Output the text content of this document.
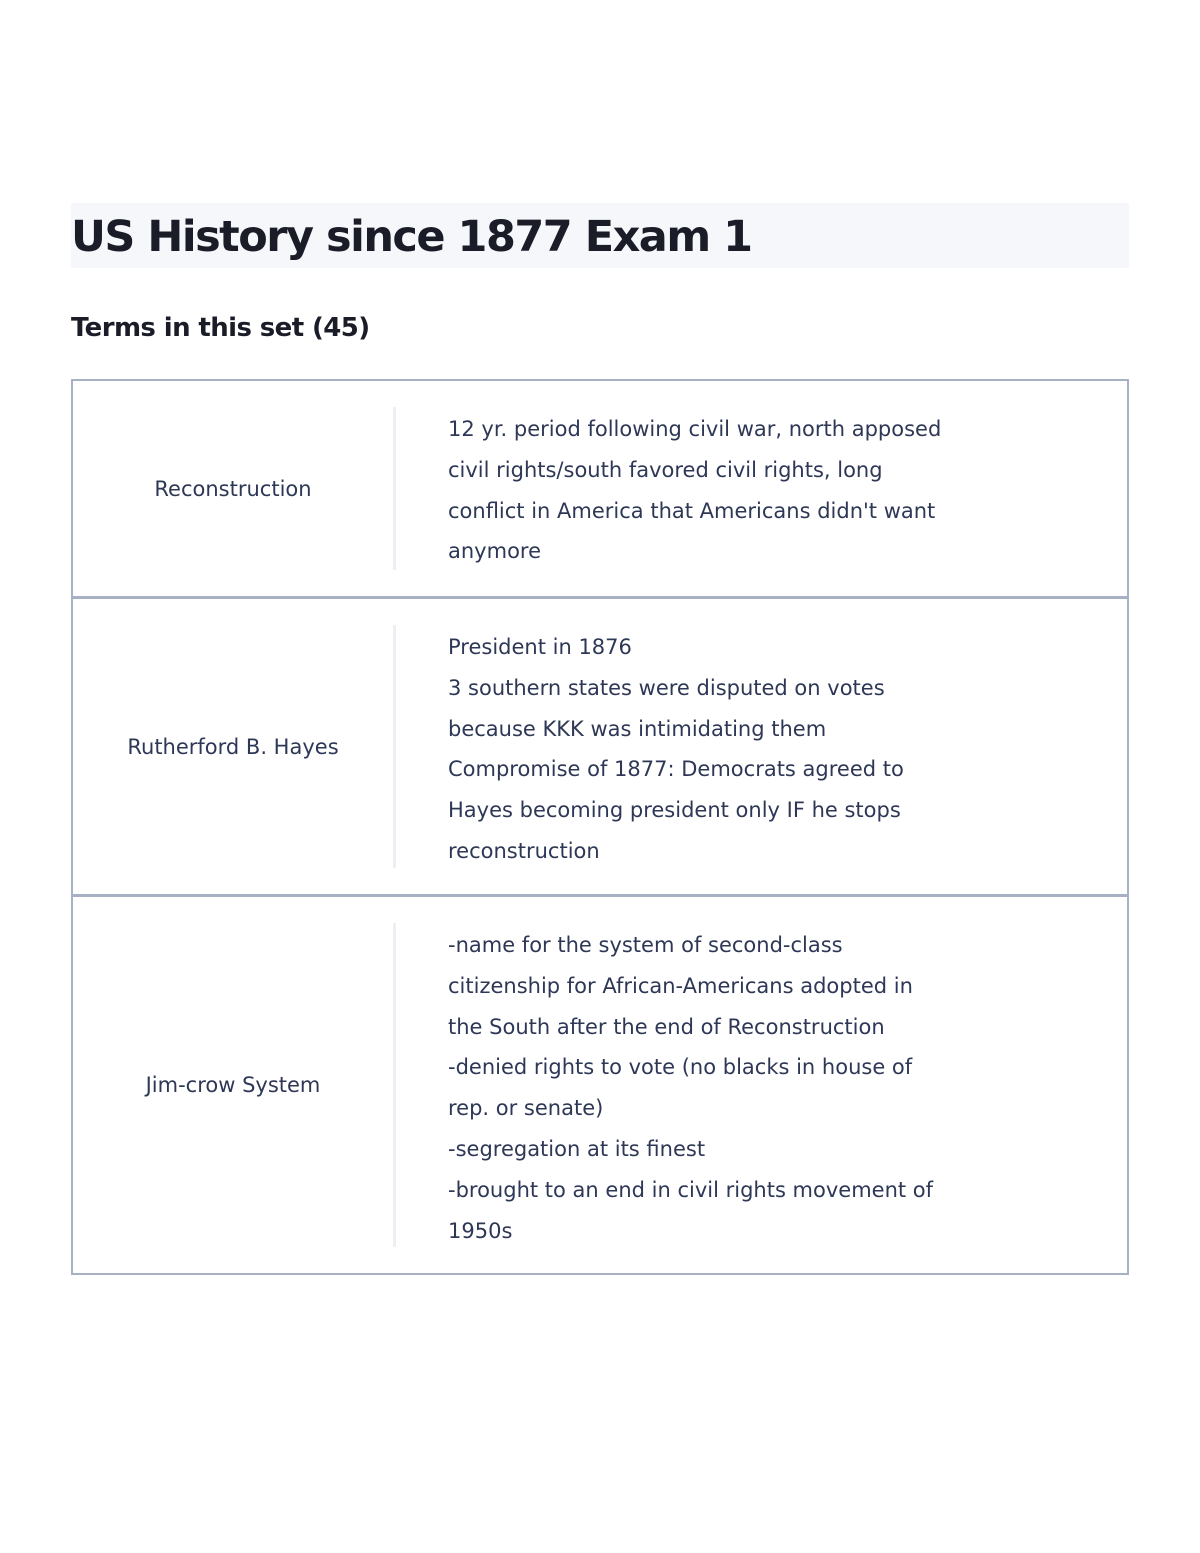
US History since 1877 Exam 1
Terms in this set (45)
Reconstruction
12 yr. period following civil war, north apposed
civil rights/south favored civil rights, long
conflict in America that Americans didn't want
anymore
Rutherford B. Hayes
President in 1876
3 southern states were disputed on votes
because KKK was intimidating them
Compromise of 1877: Democrats agreed to
Hayes becoming president only IF he stops
reconstruction
Jim-crow System
-name for the system of second-class
citizenship for African-Americans adopted in
the South after the end of Reconstruction
-denied rights to vote (no blacks in house of
rep. or senate)
-segregation at its finest
-brought to an end in civil rights movement of
1950s
